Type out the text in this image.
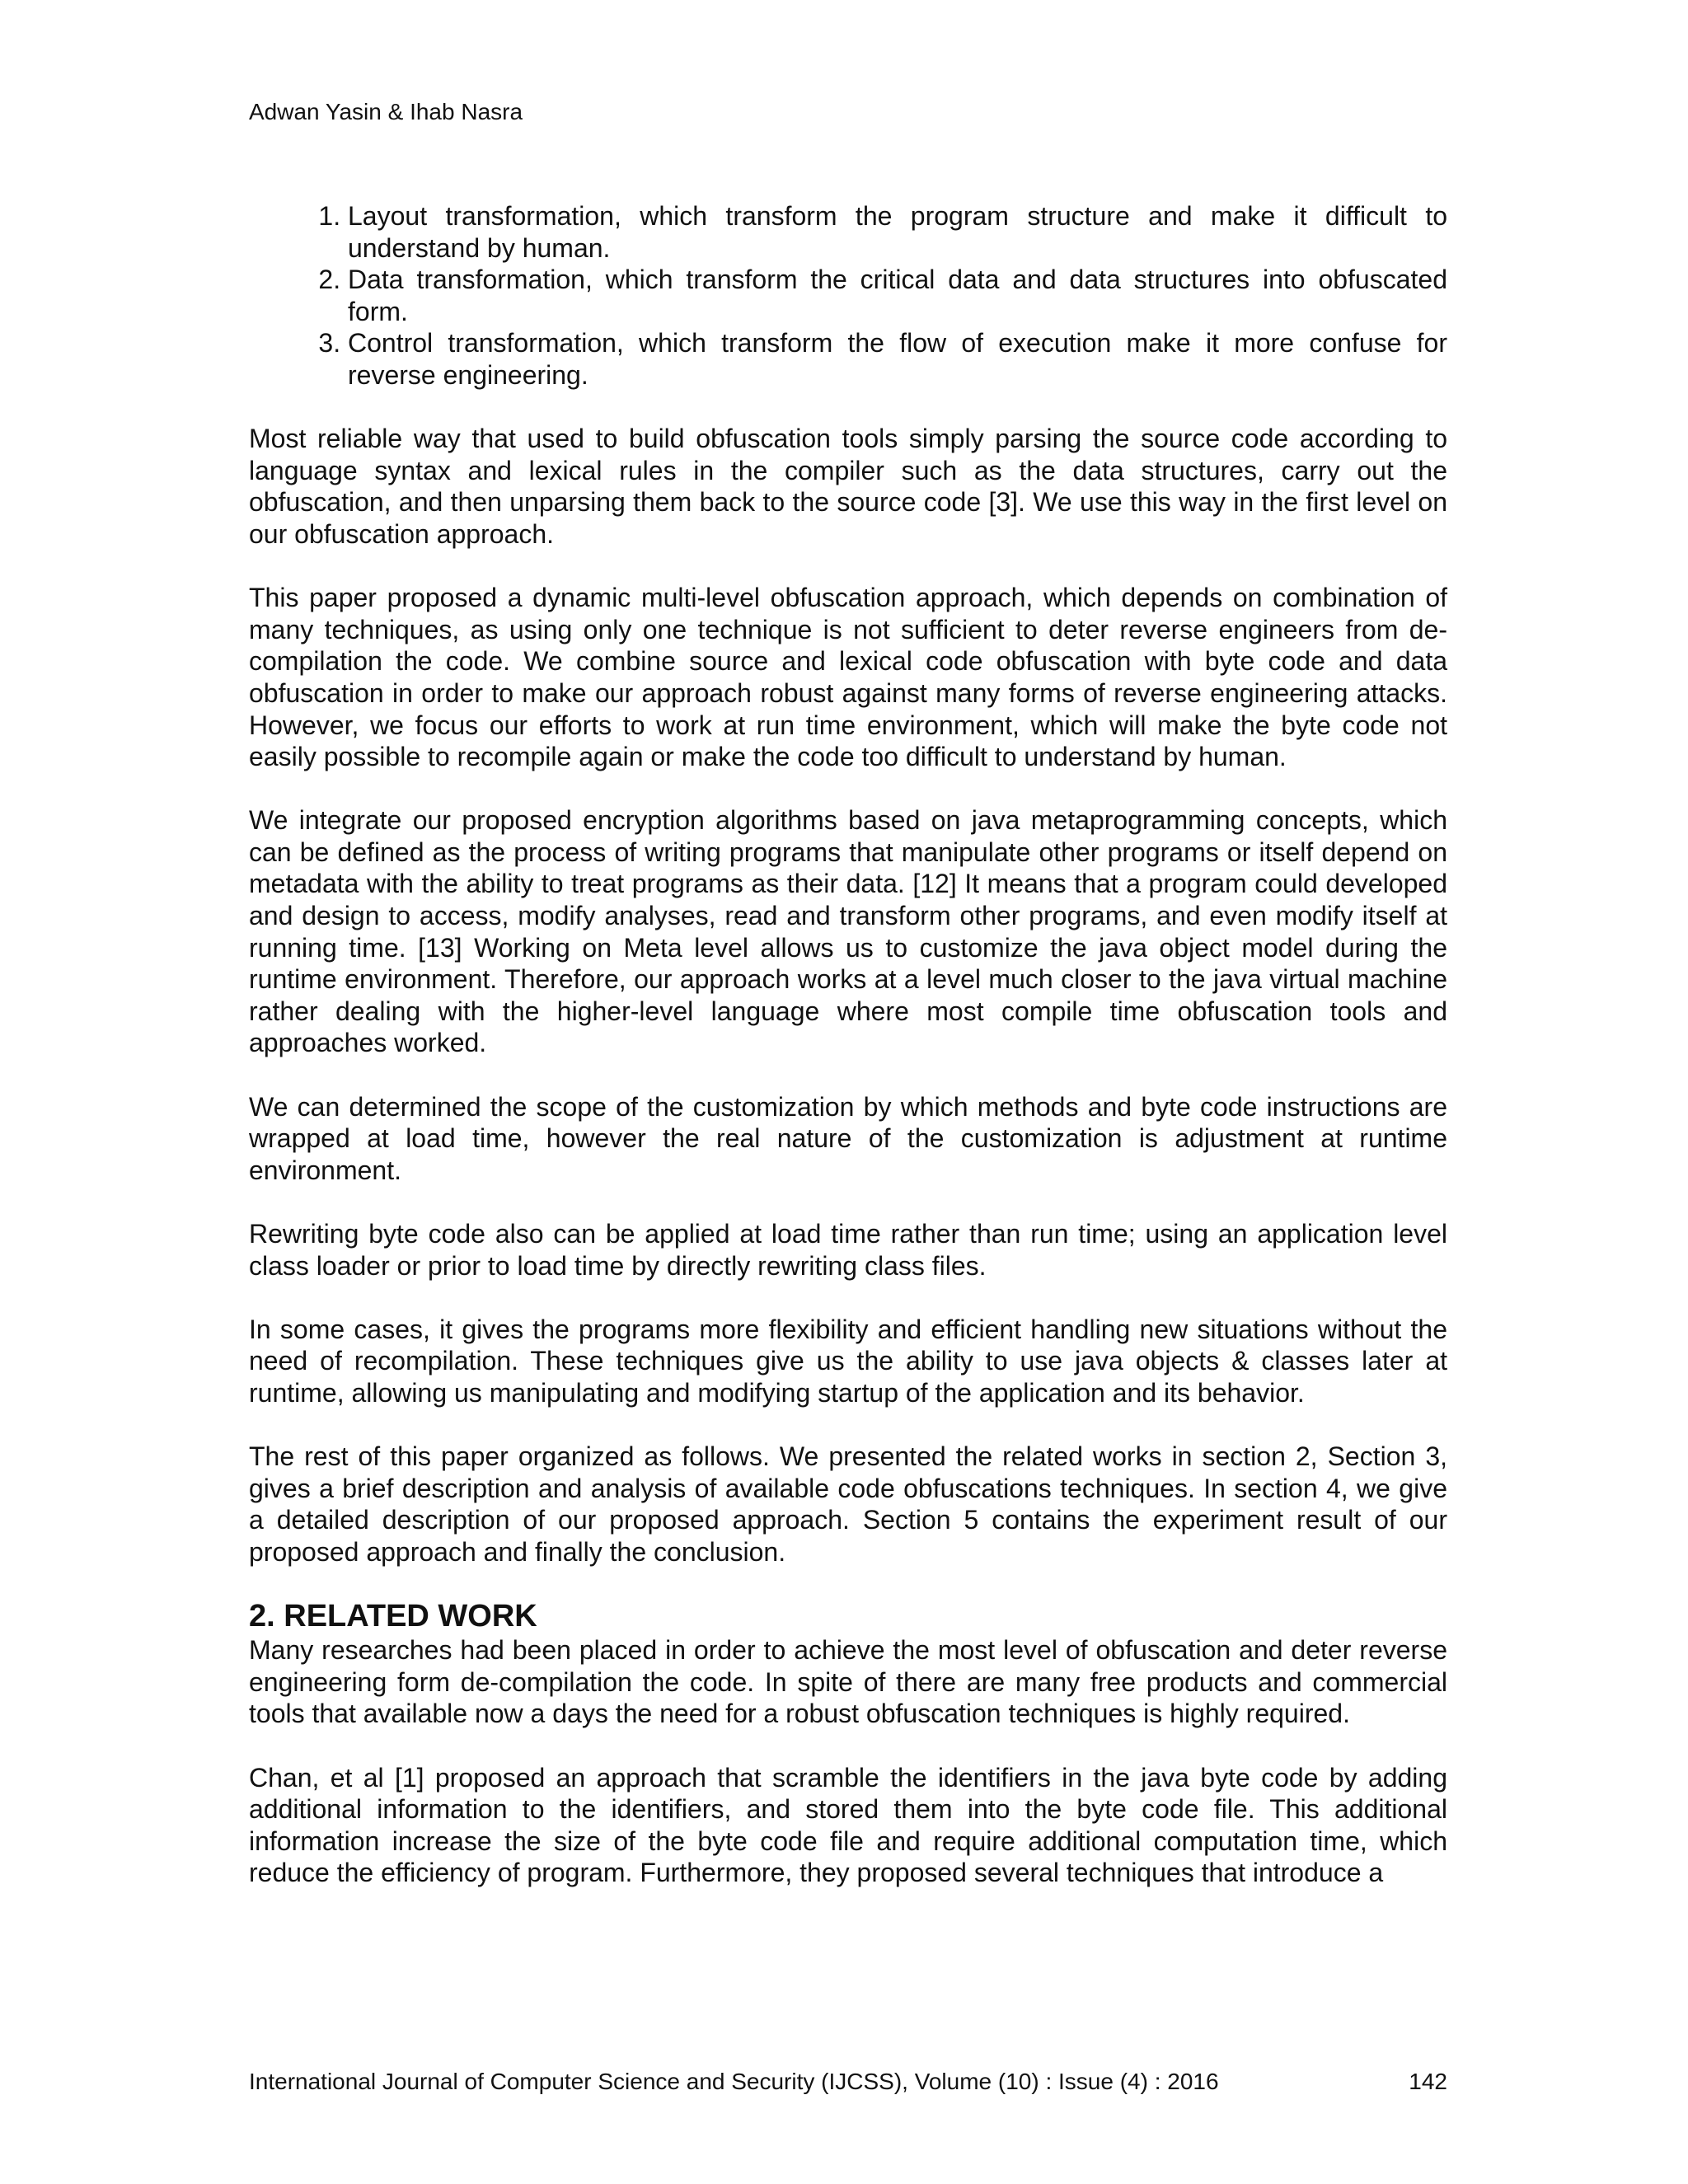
Adwan Yasin & Ihab Nasra
1. Layout transformation, which transform the program structure and make it difficult to understand by human.
2. Data transformation, which transform the critical data and data structures into obfuscated form.
3. Control transformation, which transform the flow of execution make it more confuse for reverse engineering.

Most reliable way that used to build obfuscation tools simply parsing the source code according to language syntax and lexical rules in the compiler such as the data structures, carry out the obfuscation, and then unparsing them back to the source code [3]. We use this way in the first level on our obfuscation approach.

This paper proposed a dynamic multi-level obfuscation approach, which depends on combination of many techniques, as using only one technique is not sufficient to deter reverse engineers from de-compilation the code. We combine source and lexical code obfuscation with byte code and data obfuscation in order to make our approach robust against many forms of reverse engineering attacks. However, we focus our efforts to work at run time environment, which will make the byte code not easily possible to recompile again or make the code too difficult to understand by human.

We integrate our proposed encryption algorithms based on java metaprogramming concepts, which can be defined as the process of writing programs that manipulate other programs or itself depend on metadata with the ability to treat programs as their data. [12] It means that a program could developed and design to access, modify analyses, read and transform other programs, and even modify itself at running time. [13] Working on Meta level allows us to customize the java object model during the runtime environment. Therefore, our approach works at a level much closer to the java virtual machine rather dealing with the higher-level language where most compile time obfuscation tools and approaches worked.

We can determined the scope of the customization by which methods and byte code instructions are wrapped at load time, however the real nature of the customization is adjustment at runtime environment.

Rewriting byte code also can be applied at load time rather than run time; using an application level class loader or prior to load time by directly rewriting class files.

In some cases, it gives the programs more flexibility and efficient handling new situations without the need of recompilation. These techniques give us the ability to use java objects & classes later at runtime, allowing us manipulating and modifying startup of the application and its behavior.

The rest of this paper organized as follows. We presented the related works in section 2, Section 3, gives a brief description and analysis of available code obfuscations techniques. In section 4, we give a detailed description of our proposed approach. Section 5 contains the experiment result of our proposed approach and finally the conclusion.

2. RELATED WORK

Many researches had been placed in order to achieve the most level of obfuscation and deter reverse engineering form de-compilation the code. In spite of there are many free products and commercial tools that available now a days the need for a robust obfuscation techniques is highly required.

Chan, et al [1] proposed an approach that scramble the identifiers in the java byte code by adding additional information to the identifiers, and stored them into the byte code file. This additional information increase the size of the byte code file and require additional computation time, which reduce the efficiency of program. Furthermore, they proposed several techniques that introduce a

International Journal of Computer Science and Security (IJCSS), Volume (10) : Issue (4) : 2016	142
